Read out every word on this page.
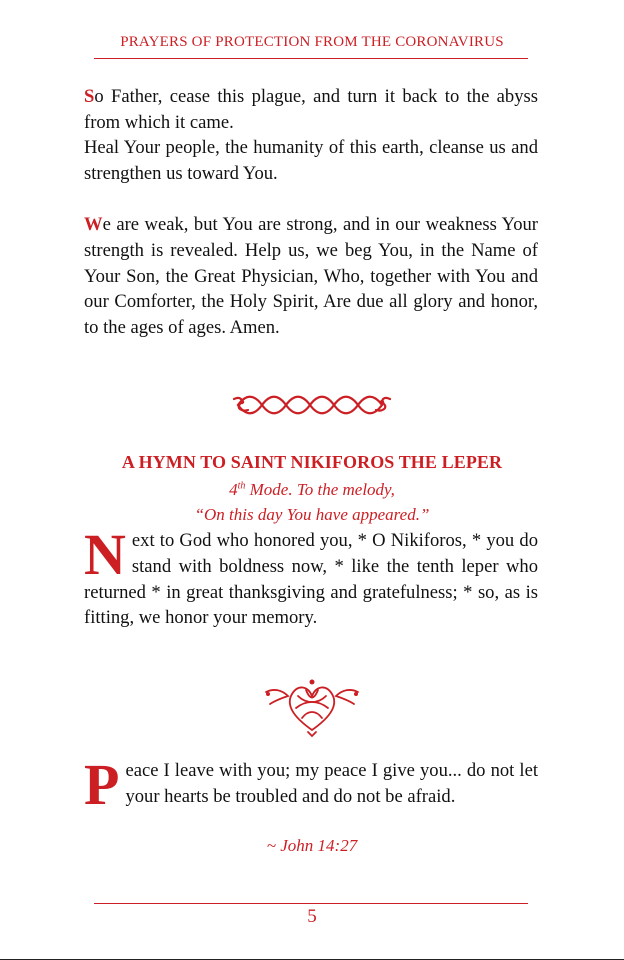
PRAYERS OF PROTECTION FROM THE CORONAVIRUS

So Father, cease this plague, and turn it back to the abyss from which it came.

Heal Your people, the humanity of this earth, cleanse us and strengthen us toward You.

We are weak, but You are strong, and in our weakness Your strength is revealed. Help us, we beg You, in the Name of Your Son, the Great Physician, Who, together with You and our Comforter, the Holy Spirit, Are due all glory and honor, to the ages of ages. Amen.

A HYMN TO SAINT NIKIFOROS THE LEPER
4th Mode. To the melody,
“On this day You have appeared.”

Next to God who honored you, * O Nikiforos, * you do stand with boldness now, * like the tenth leper who returned * in great thanksgiving and gratefulness; * so, as is fitting, we honor your memory.

Peace I leave with you; my peace I give you... do not let your hearts be troubled and do not be afraid.

~ John 14:27
5
